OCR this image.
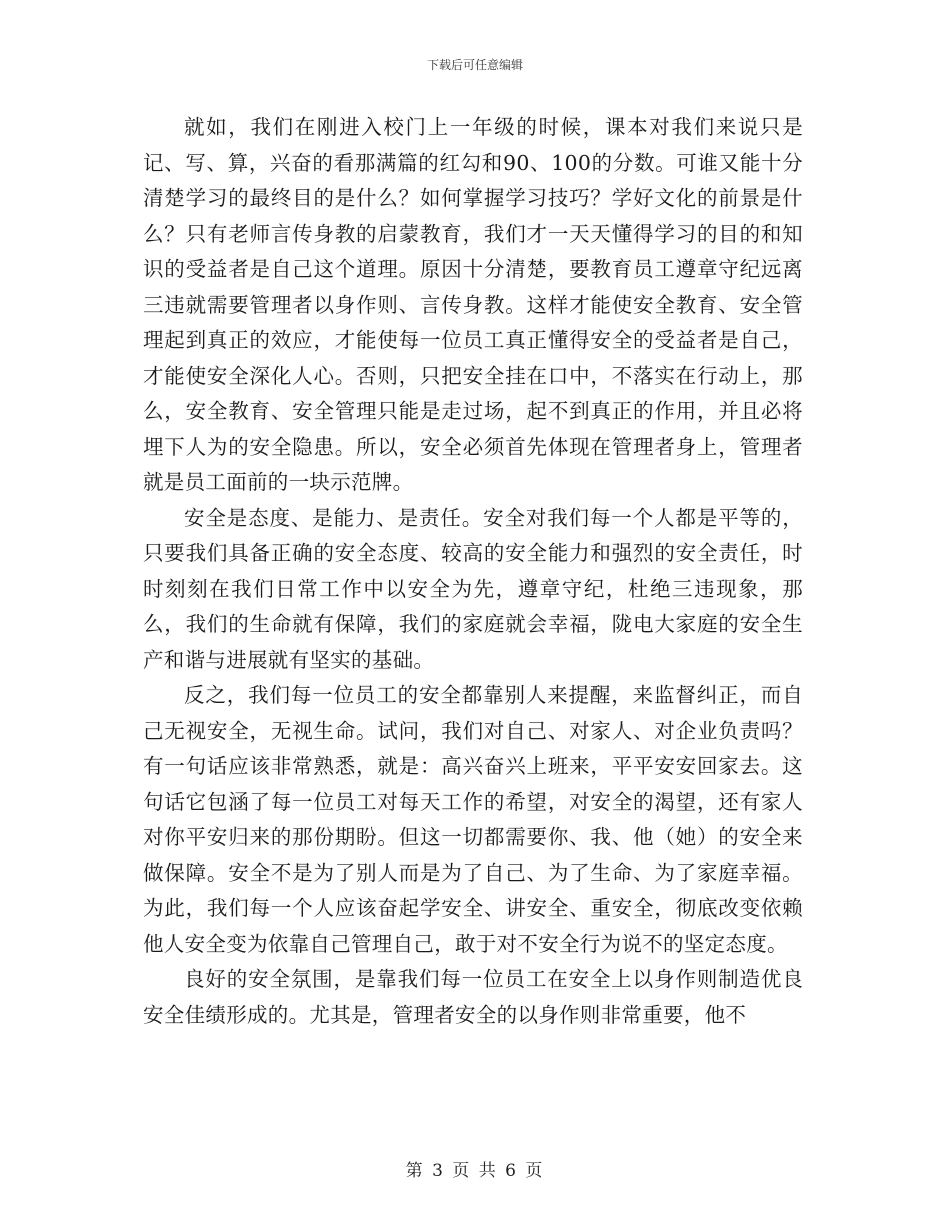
下载后可任意编辑

就如，我们在刚进入校门上一年级的时候，课本对我们来说只是记、写、算，兴奋的看那满篇的红勾和90、100的分数。可谁又能十分清楚学习的最终目的是什么？如何掌握学习技巧？学好文化的前景是什么？只有老师言传身教的启蒙教育，我们才一天天懂得学习的目的和知识的受益者是自己这个道理。原因十分清楚，要教育员工遵章守纪远离三违就需要管理者以身作则、言传身教。这样才能使安全教育、安全管理起到真正的效应，才能使每一位员工真正懂得安全的受益者是自己，才能使安全深化人心。否则，只把安全挂在口中，不落实在行动上，那么，安全教育、安全管理只能是走过场，起不到真正的作用，并且必将埋下人为的安全隐患。所以，安全必须首先体现在管理者身上，管理者就是员工面前的一块示范牌。

安全是态度、是能力、是责任。安全对我们每一个人都是平等的，只要我们具备正确的安全态度、较高的安全能力和强烈的安全责任，时时刻刻在我们日常工作中以安全为先，遵章守纪，杜绝三违现象，那么，我们的生命就有保障，我们的家庭就会幸福，陇电大家庭的安全生产和谐与进展就有坚实的基础。

反之，我们每一位员工的安全都靠别人来提醒，来监督纠正，而自己无视安全，无视生命。试问，我们对自己、对家人、对企业负责吗？有一句话应该非常熟悉，就是：高兴奋兴上班来，平平安安回家去。这句话它包涵了每一位员工对每天工作的希望，对安全的渴望，还有家人对你平安归来的那份期盼。但这一切都需要你、我、他（她）的安全来做保障。安全不是为了别人而是为了自己、为了生命、为了家庭幸福。为此，我们每一个人应该奋起学安全、讲安全、重安全，彻底改变依赖他人安全变为依靠自己管理自己，敢于对不安全行为说不的坚定态度。

良好的安全氛围，是靠我们每一位员工在安全上以身作则制造优良安全佳绩形成的。尤其是，管理者安全的以身作则非常重要，他不

第 3 页 共 6 页
